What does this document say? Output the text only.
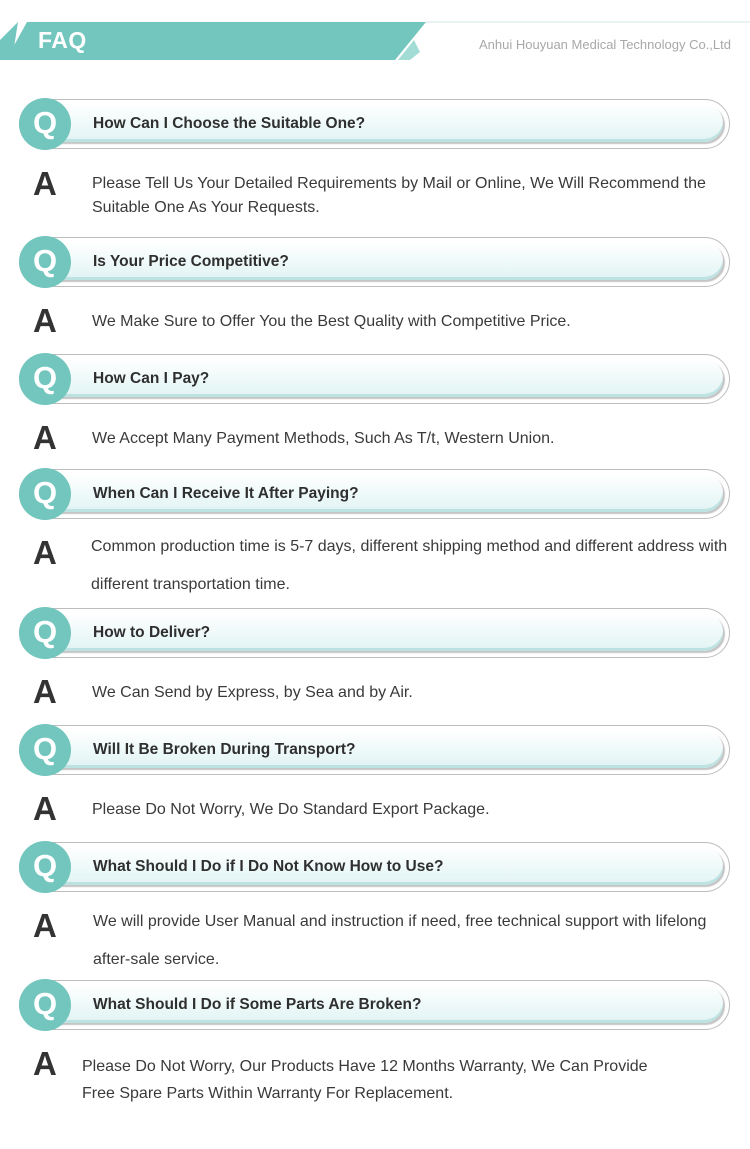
FAQ	Anhui Houyuan Medical Technology Co.,Ltd
Q	How Can I Choose the Suitable One?
A Please Tell Us Your Detailed Requirements by Mail or Online, We Will Recommend the Suitable One As Your Requests.
Q	Is Your Price Competitive?
A We Make Sure to Offer You the Best Quality with Competitive Price.
Q	How Can I Pay?
A We Accept Many Payment Methods, Such As T/t, Western Union.
Q	When Can I Receive It After Paying?
A Common production time is 5-7 days, different shipping method and different address with different transportation time.
Q	How to Deliver?
A We Can Send by Express, by Sea and by Air.
Q	Will It Be Broken During Transport?
A Please Do Not Worry, We Do Standard Export Package.
Q	What Should I Do if I Do Not Know How to Use?
A We will provide User Manual and instruction if need, free technical support with lifelong after-sale service.
Q	What Should I Do if Some Parts Are Broken?
A Please Do Not Worry, Our Products Have 12 Months Warranty, We Can Provide Free Spare Parts Within Warranty For Replacement.
